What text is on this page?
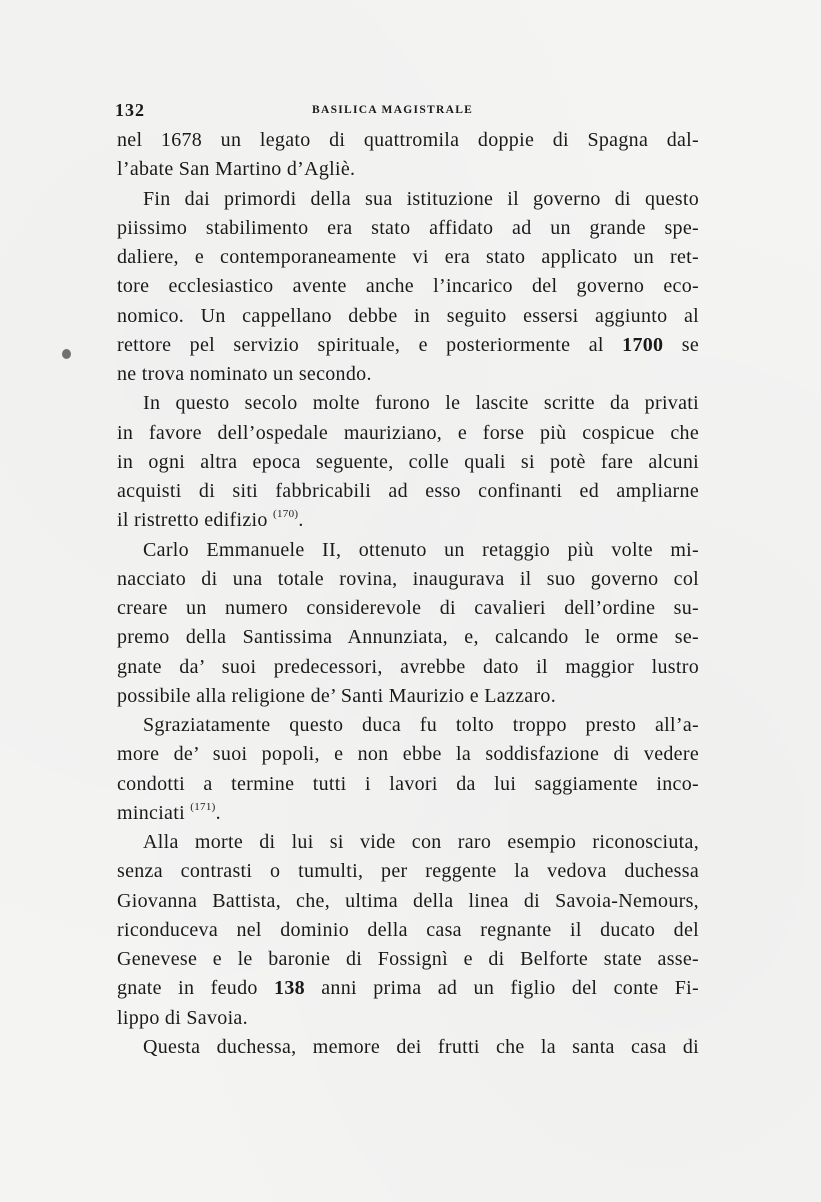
132	BASILICA MAGISTRALE
nel 1678 un legato di quattromila doppie di Spagna dal-
l’abate San Martino d’Agliè.
Fin dai primordi della sua istituzione il governo di questo
piissimo stabilimento era stato affidato ad un grande spe-
daliere, e contemporaneamente vi era stato applicato un ret-
tore ecclesiastico avente anche l’incarico del governo eco-
nomico. Un cappellano debbe in seguito essersi aggiunto al
rettore pel servizio spirituale, e posteriormente al 1700 se
ne trova nominato un secondo.
In questo secolo molte furono le lascite scritte da privati
in favore dell’ospedale mauriziano, e forse più cospicue che
in ogni altra epoca seguente, colle quali si potè fare alcuni
acquisti di siti fabbricabili ad esso confinanti ed ampliarne
il ristretto edifizio $^{(170)}$.
Carlo Emmanuele II, ottenuto un retaggio più volte mi-
nacciato di una totale rovina, inaugurava il suo governo col
creare un numero considerevole di cavalieri dell’ordine su-
premo della Santissima Annunziata, e, calcando le orme se-
gnate da’ suoi predecessori, avrebbe dato il maggior lustro
possibile alla religione de’ Santi Maurizio e Lazzaro.
Sgraziatamente questo duca fu tolto troppo presto all’a-
more de’ suoi popoli, e non ebbe la soddisfazione di vedere
condotti a termine tutti i lavori da lui saggiamente inco-
minciati $^{(171)}$.
Alla morte di lui si vide con raro esempio riconosciuta,
senza contrasti o tumulti, per reggente la vedova duchessa
Giovanna Battista, che, ultima della linea di Savoia-Nemours,
riconduceva nel dominio della casa regnante il ducato del
Genevese e le baronie di Fossignì e di Belforte state asse-
gnate in feudo 138 anni prima ad un figlio del conte Fi-
lippo di Savoia.
Questa duchessa, memore dei frutti che la santa casa di
